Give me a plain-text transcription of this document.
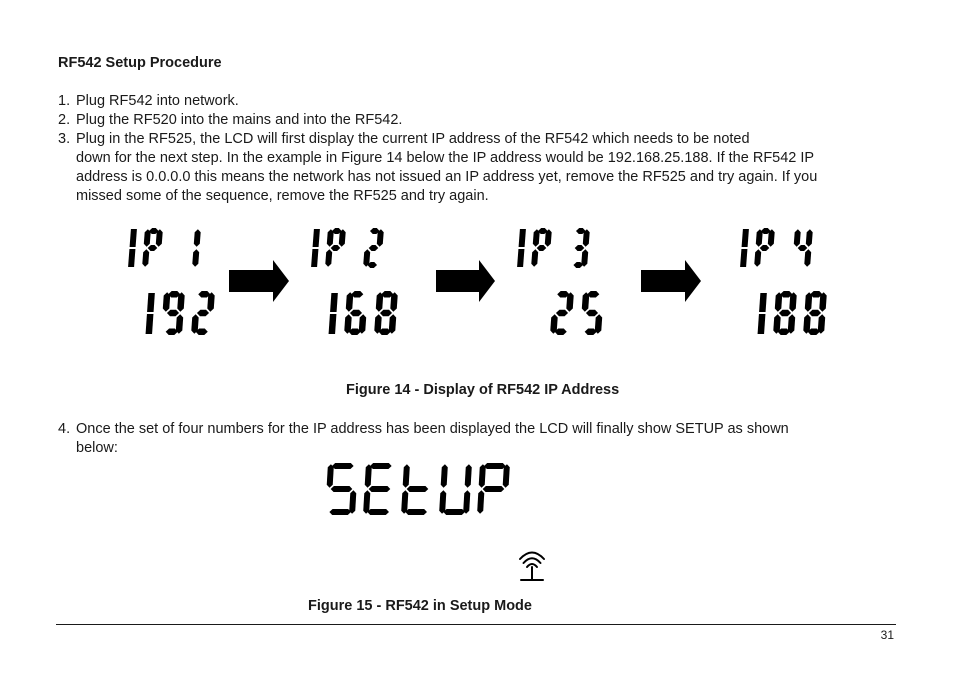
RF542 Setup Procedure
1. Plug RF542 into network.
2. Plug the RF520 into the mains and into the RF542.
3. Plug in the RF525, the LCD will first display the current IP address of the RF542 which needs to be noted
down for the next step. In the example in Figure 14 below the IP address would be 192.168.25.188. If the RF542 IP
address is 0.0.0.0 this means the network has not issued an IP address yet, remove the RF525 and try again. If you
missed some of the sequence, remove the RF525 and try again.

Figure 14 - Display of RF542 IP Address

4. Once the set of four numbers for the IP address has been displayed the LCD will finally show SETUP as shown
below:

Figure 15 - RF542 in Setup Mode

31
